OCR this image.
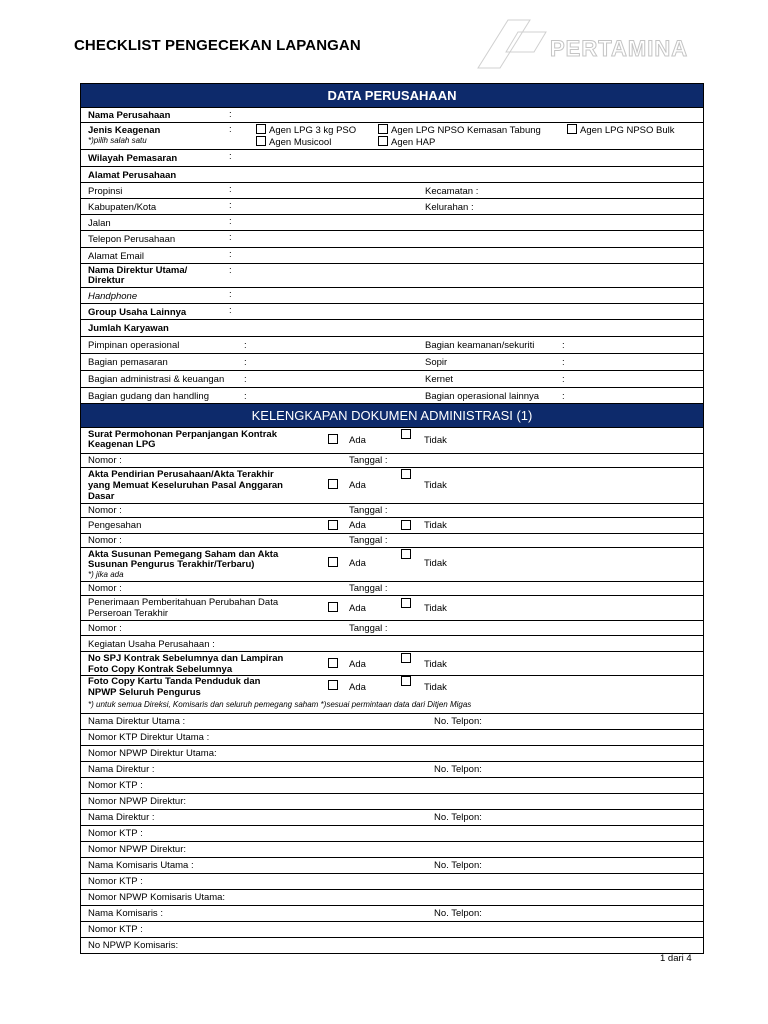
CHECKLIST PENGECEKAN LAPANGAN	PERTAMINA
DATA PERUSAHAAN
Nama Perusahaan	:
Jenis Keagenan
*)pilih salah satu
:	Agen LPG 3 kg PSO	Agen LPG NPSO Kemasan Tabung	Agen LPG NPSO Bulk
Agen Musicool	Agen HAP
Wilayah Pemasaran	:
Alamat Perusahaan
Propinsi	:	Kecamatan :
Kabupaten/Kota	:	Kelurahan :
Jalan	:
Telepon Perusahaan	:
Alamat Email	:
Nama Direktur Utama/
Direktur
:
Handphone	:
Group Usaha Lainnya	:
Jumlah Karyawan
Pimpinan operasional	:	Bagian keamanan/sekuriti	:
Bagian pemasaran	:	Sopir	:
Bagian administrasi & keuangan :	Kernet	:
Bagian gudang dan handling	:	Bagian operasional lainnya :
KELENGKAPAN DOKUMEN ADMINISTRASI (1)
Surat Permohonan Perpanjangan Kontrak
Keagenan LPG	Ada	Tidak
Nomor :	Tanggal :
Akta Pendirian Perusahaan/Akta Terakhir
yang Memuat Keseluruhan Pasal Anggaran
Dasar
Ada	Tidak
Nomor :	Tanggal :
Pengesahan	Ada	Tidak
Nomor :	Tanggal :
Akta Susunan Pemegang Saham dan Akta
Susunan Pengurus Terakhir/Terbaru)
*) jika ada
Ada	Tidak
Nomor :	Tanggal :
Penerimaan Pemberitahuan Perubahan Data
Perseroan Terakhir	Ada	Tidak
Nomor :	Tanggal :
Kegiatan Usaha Perusahaan :
No SPJ Kontrak Sebelumnya dan Lampiran
Foto Copy Kontrak Sebelumnya	Ada	Tidak
Foto Copy Kartu Tanda Penduduk dan
NPWP Seluruh Pengurus	Ada	Tidak
*) untuk semua Direksi, Komisaris dan seluruh pemegang saham *)sesuai permintaan data dari Ditjen Migas
Nama Direktur Utama :	No. Telpon:
Nomor KTP Direktur Utama :
Nomor NPWP Direktur Utama:
Nama Direktur :	No. Telpon:
Nomor KTP :
Nomor NPWP Direktur:
Nama Direktur :	No. Telpon:
Nomor KTP :
Nomor NPWP Direktur:
Nama Komisaris Utama :	No. Telpon:
Nomor KTP :
Nomor NPWP Komisaris Utama:
Nama Komisaris :	No. Telpon:
Nomor KTP :
No NPWP Komisaris:
1 dari 4
